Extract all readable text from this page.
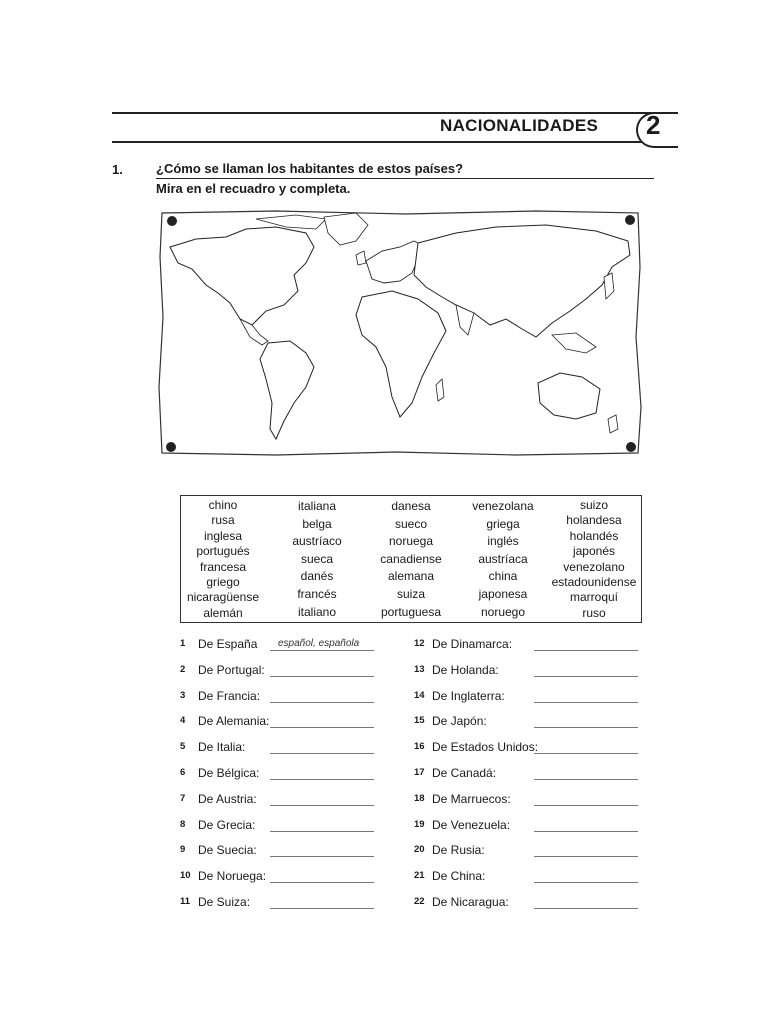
NACIONALIDADES 2
1.	¿Cómo se llaman los habitantes de estos países?
Mira en el recuadro y completa.
chino
rusa
inglesa
portugués
francesa
griego
nicaragüense
alemán
italiana
belga
austríaco
sueca
danés
francés
italiano
danesa
sueco
noruega
canadiense
alemana
suiza
portuguesa
venezolana
griega
inglés
austríaca
china
japonesa
noruego
suizo
holandesa
holandés
japonés
venezolano
estadounidense
marroquí
ruso
1 De España español, española
2 De Portugal:
3 De Francia:
4 De Alemania:
5 De Italia:
6 De Bélgica:
7 De Austria:
8 De Grecia:
9 De Suecia:
10 De Noruega:
11 De Suiza:
12 De Dinamarca:
13 De Holanda:
14 De Inglaterra:
15 De Japón:
16 De Estados Unidos:
17 De Canadá:
18 De Marruecos:
19 De Venezuela:
20 De Rusia:
21 De China:
22 De Nicaragua:
